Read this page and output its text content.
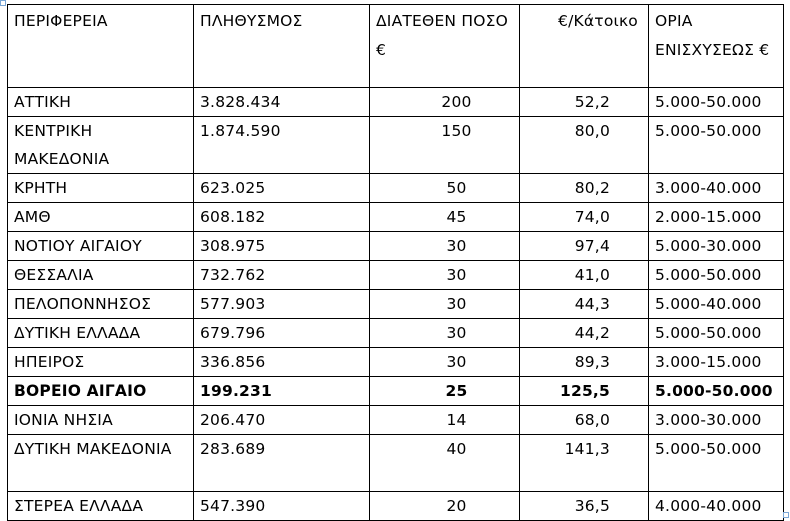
ΠΕΡΙΦΕΡΕΙΑ	ΠΛΗΘΥΣΜΟΣ	ΔΙΑΤΕΘΕΝ ΠΟΣΟ €	€/Κάτοικο	ΟΡΙΑ ΕΝΙΣΧΥΣΕΩΣ €
ΑΤΤΙΚΗ	3.828.434	200	52,2	5.000-50.000
ΚΕΝΤΡΙΚΗ ΜΑΚΕΔΟΝΙΑ	1.874.590	150	80,0	5.000-50.000
ΚΡΗΤΗ	623.025	50	80,2	3.000-40.000
ΑΜΘ	608.182	45	74,0	2.000-15.000
ΝΟΤΙΟΥ ΑΙΓΑΙΟΥ	308.975	30	97,4	5.000-30.000
ΘΕΣΣΑΛΙΑ	732.762	30	41,0	5.000-50.000
ΠΕΛΟΠΟΝΝΗΣΟΣ	577.903	30	44,3	5.000-40.000
ΔΥΤΙΚΗ ΕΛΛΑΔΑ	679.796	30	44,2	5.000-50.000
ΗΠΕΙΡΟΣ	336.856	30	89,3	3.000-15.000
ΒΟΡΕΙΟ ΑΙΓΑΙΟ	199.231	25	125,5	5.000-50.000
ΙΟΝΙΑ ΝΗΣΙΑ	206.470	14	68,0	3.000-30.000
ΔΥΤΙΚΗ ΜΑΚΕΔΟΝΙΑ	283.689	40	141,3	5.000-50.000
ΣΤΕΡΕΑ ΕΛΛΑΔΑ	547.390	20	36,5	4.000-40.000
